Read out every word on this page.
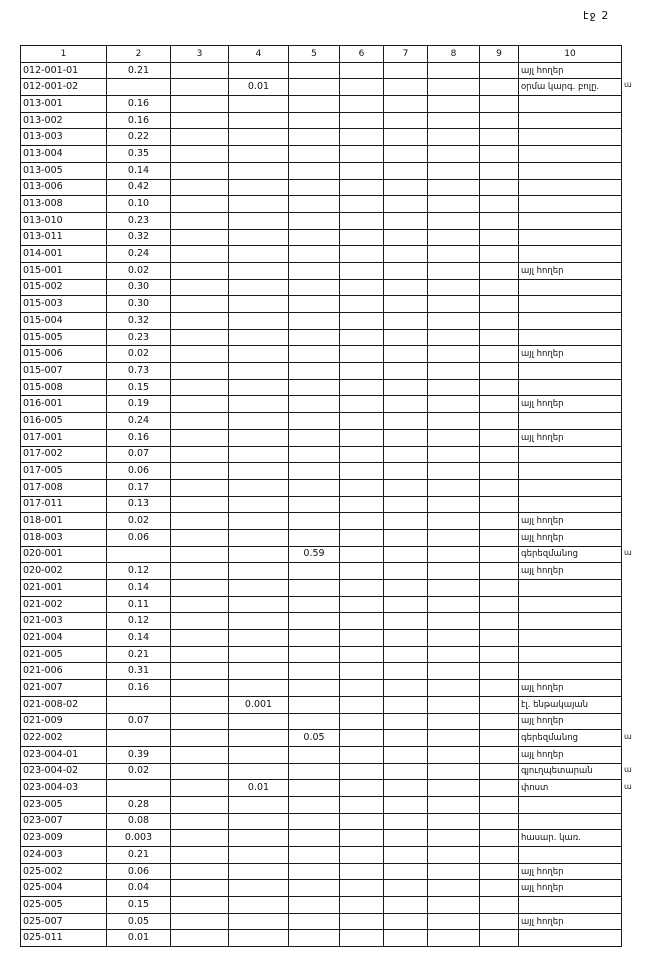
էջ 2
1	2	3	4	5	6	7	8	9	10
012-001-01	0.21								այլ հողեր
012-001-02			0.01						օրմա կարգ. բոլը.
013-001	0.16								
013-002	0.16								
013-003	0.22								
013-004	0.35								
013-005	0.14								
013-006	0.42								
013-008	0.10								
013-010	0.23								
013-011	0.32								
014-001	0.24								
015-001	0.02								այլ հողեր
015-002	0.30								
015-003	0.30								
015-004	0.32								
015-005	0.23								
015-006	0.02								այլ հողեր
015-007	0.73								
015-008	0.15								
016-001	0.19								այլ հողեր
016-005	0.24								
017-001	0.16								այլ հողեր
017-002	0.07								
017-005	0.06								
017-008	0.17								
017-011	0.13								
018-001	0.02								այլ հողեր
018-003	0.06								այլ հողեր
020-001				0.59					գերեզմանոց
020-002	0.12								այլ հողեր
021-001	0.14								
021-002	0.11								
021-003	0.12								
021-004	0.14								
021-005	0.21								
021-006	0.31								
021-007	0.16								այլ հողեր
021-008-02			0.001						էլ. ենթակայան
021-009	0.07								այլ հողեր
022-002				0.05					գերեզմանոց
023-004-01	0.39								այլ հողեր
023-004-02	0.02								գյուղպետարան
023-004-03			0.01						փոստ
023-005	0.28								
023-007	0.08								
023-009	0.003								հասար. կառ.
024-003	0.21								
025-002	0.06								այլ հողեր
025-004	0.04								այլ հողեր
025-005	0.15								
025-007	0.05								այլ հողեր
025-011	0.01								
ա
ա
ա
ա
ա
